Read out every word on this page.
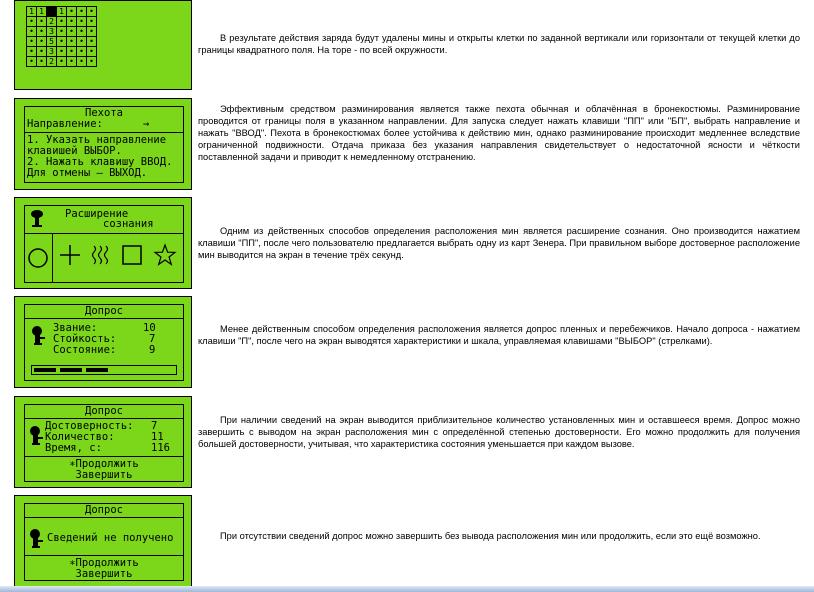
1	1		1	•	•	•
•	•	2	•	•	•	•
•	•	3	•	•	•	•
•	•	5	•	•	•	•
•	•	3	•	•	•	•
•	•	2	•	•	•	•

В результате действия заряда будут удалены мины и открыты клетки по заданной вертикали или горизонтали от текущей клетки до границы квадратного поля. На торе - по всей окружности.

Пехота
Направление:	→
1. Указать направление
клавишей ВЫБОР.
2. Нажать клавишу ВВОД.
Для отмены – ВЫХОД.

Эффективным средством разминирования является также пехота обычная и облачённая в бронекостюмы. Разминирование проводится от границы поля в указанном направлении. Для запуска следует нажать клавиши "ПП" или "БП", выбрать направление и нажать "ВВОД". Пехота в бронекостюмах более устойчива к действию мин, однако разминирование происходит медленнее вследствие ограниченной подвижности. Отдача приказа без указания направления свидетельствует о недостаточной ясности и чёткости поставленной задачи и приводит к немедленному отстранению.

Расширение
сознания

Одним из действенных способов определения расположения мин является расширение сознания. Оно производится нажатием клавиши "ПП", после чего пользователю предлагается выбрать одну из карт Зенера. При правильном выборе достоверное расположение мин выводится на экран в течение трёх секунд.

Допрос
Звание:	10
Стойкость:	7
Состояние:	9

Менее действенным способом определения расположения является допрос пленных и перебежчиков. Начало допроса - нажатием клавиши "П", после чего на экран выводятся характеристики и шкала, управляемая клавишами "ВЫБОР" (стрелками).

Допрос
Достоверность: 7
Количество:	11
Время, с:	116
∗Продолжить
Завершить

При наличии сведений на экран выводится приблизительное количество установленных мин и оставшееся время. Допрос можно завершить с выводом на экран расположения мин с определённой степенью достоверности. Его можно продолжить для получения большей достоверности, учитывая, что характеристика состояния уменьшается при каждом вызове.

Допрос
Сведений не получено
∗Продолжить
Завершить

При отсутствии сведений допрос можно завершить без вывода расположения мин или продолжить, если это ещё возможно.
